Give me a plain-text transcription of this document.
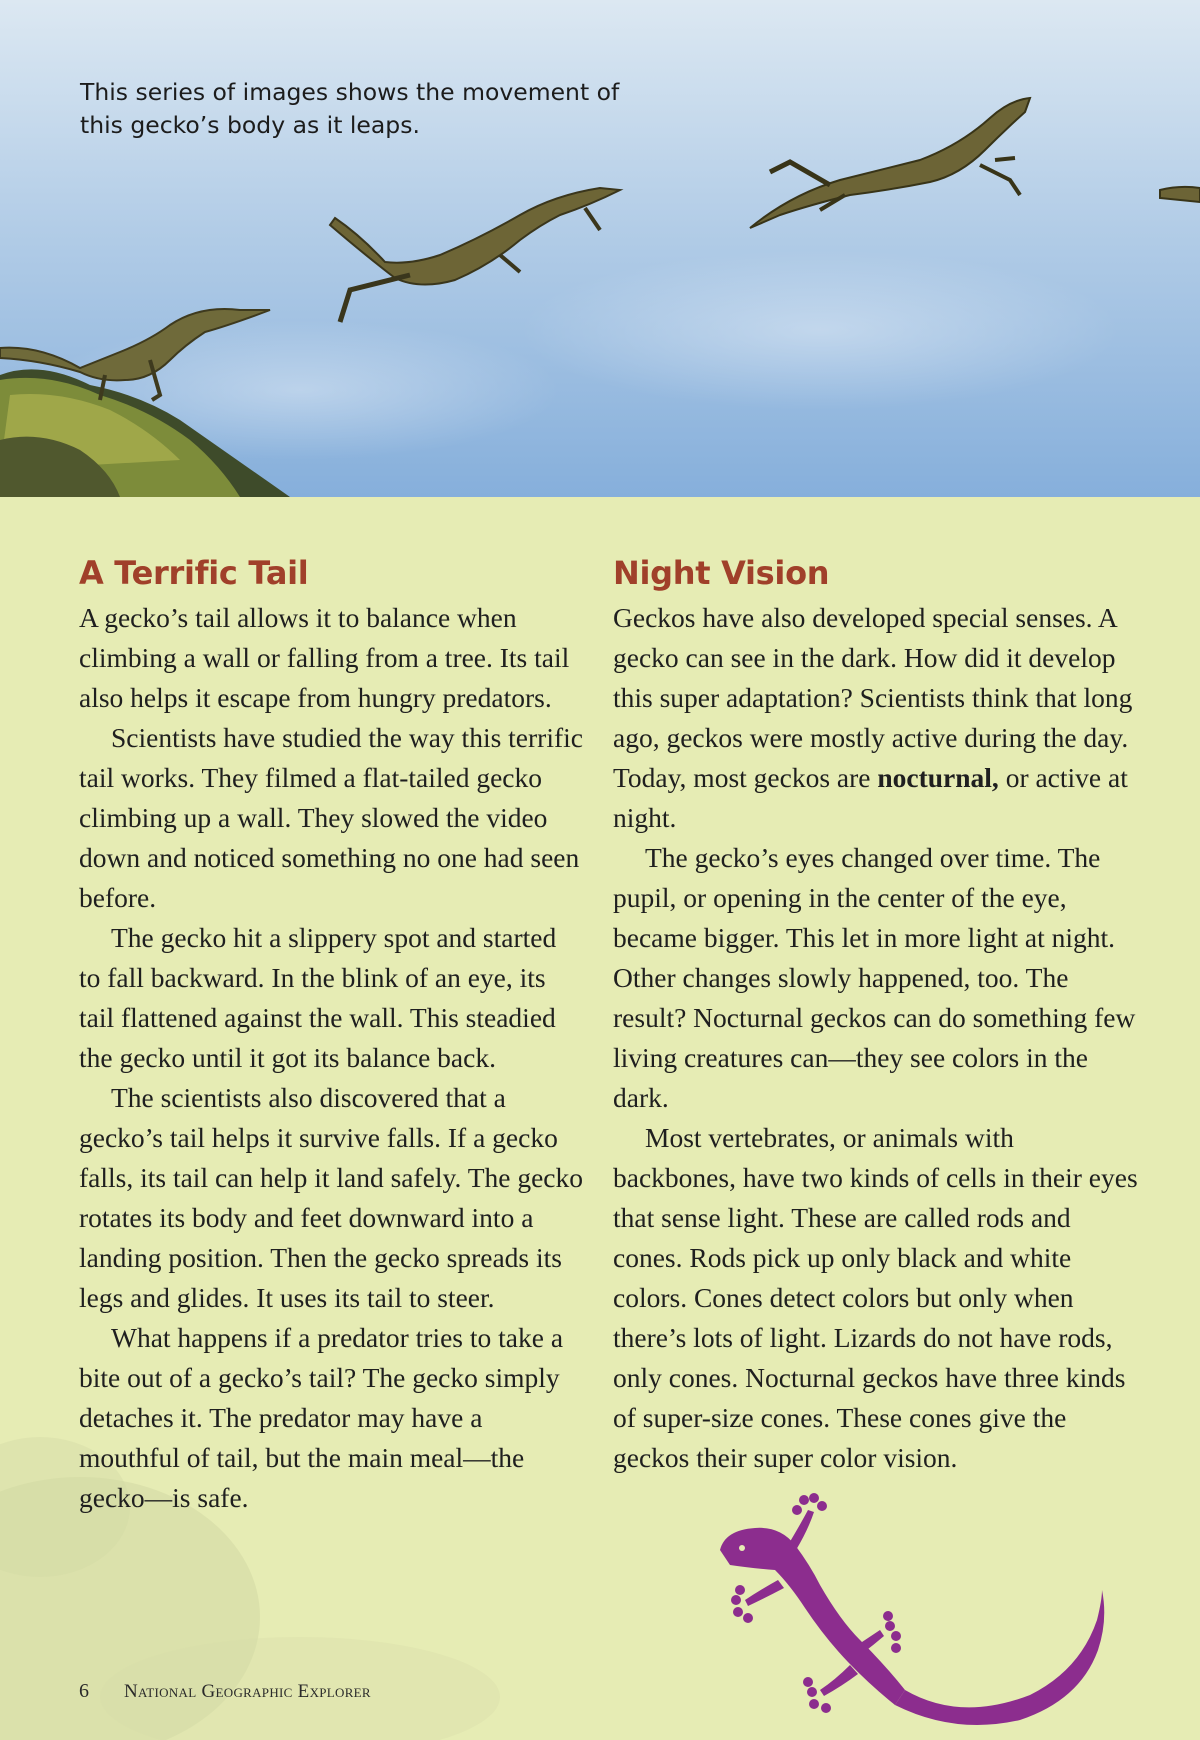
This series of images shows the movement of this gecko’s body as it leaps.

A Terrific Tail

A gecko’s tail allows it to balance when climbing a wall or falling from a tree. Its tail also helps it escape from hungry predators.

Scientists have studied the way this terrific tail works. They filmed a flat-tailed gecko climbing up a wall. They slowed the video down and noticed something no one had seen before.

The gecko hit a slippery spot and started to fall backward. In the blink of an eye, its tail flattened against the wall. This steadied the gecko until it got its balance back.

The scientists also discovered that a gecko’s tail helps it survive falls. If a gecko falls, its tail can help it land safely. The gecko rotates its body and feet downward into a landing position. Then the gecko spreads its legs and glides. It uses its tail to steer.

What happens if a predator tries to take a bite out of a gecko’s tail? The gecko simply detaches it. The predator may have a mouthful of tail, but the main meal—the gecko—is safe.

Night Vision

Geckos have also developed special senses. A gecko can see in the dark. How did it develop this super adaptation? Scientists think that long ago, geckos were mostly active during the day. Today, most geckos are nocturnal, or active at night.

The gecko’s eyes changed over time. The pupil, or opening in the center of the eye, became bigger. This let in more light at night. Other changes slowly happened, too. The result? Nocturnal geckos can do something few living creatures can—they see colors in the dark.

Most vertebrates, or animals with backbones, have two kinds of cells in their eyes that sense light. These are called rods and cones. Rods pick up only black and white colors. Cones detect colors but only when there’s lots of light. Lizards do not have rods, only cones. Nocturnal geckos have three kinds of super-size cones. These cones give the geckos their super color vision.

6 National Geographic Explorer
